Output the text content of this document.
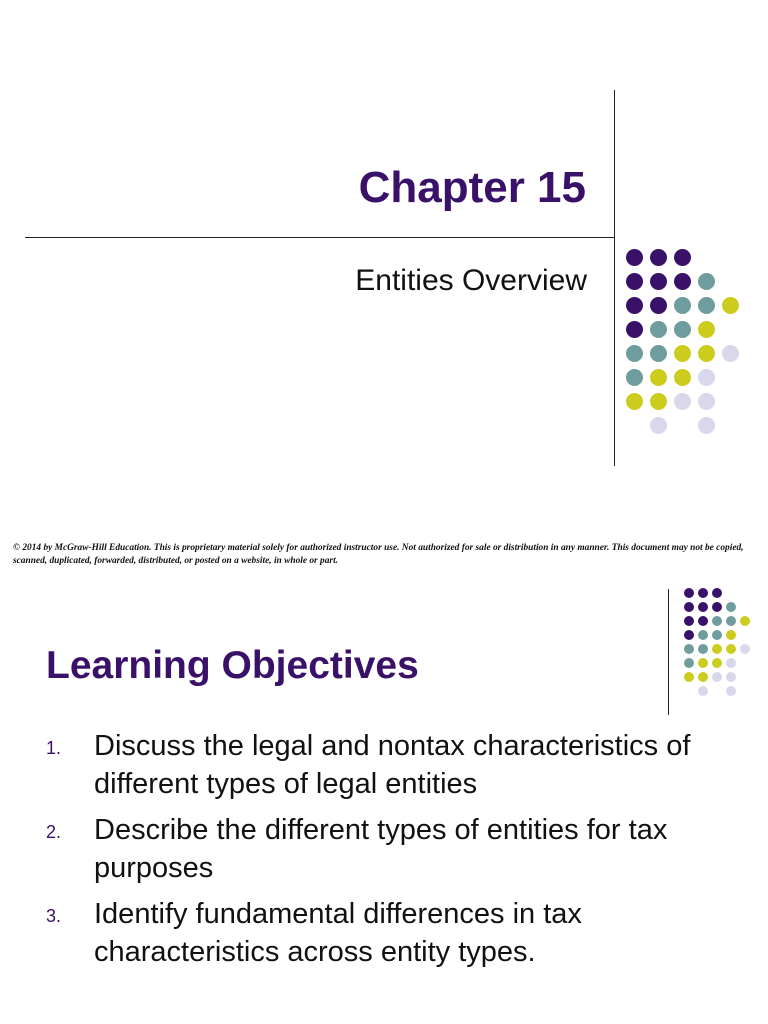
Chapter 15
Entities Overview
© 2014 by McGraw-Hill Education. This is proprietary material solely for authorized instructor use. Not authorized for sale or distribution in any manner. This document may not be copied, scanned, duplicated, forwarded, distributed, or posted on a website, in whole or part.
Learning Objectives
1. Discuss the legal and nontax characteristics of different types of legal entities
2. Describe the different types of entities for tax purposes
3. Identify fundamental differences in tax characteristics across entity types.
